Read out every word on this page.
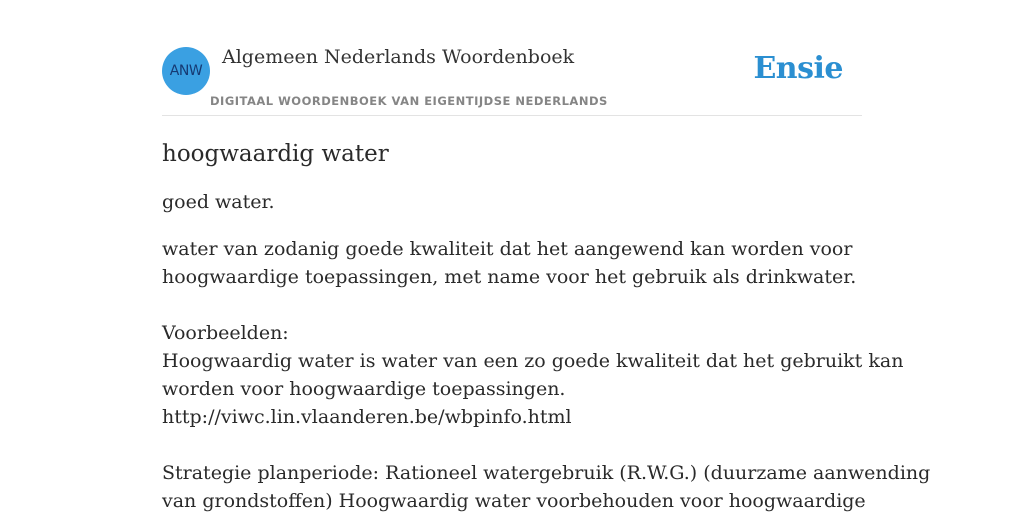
ANW
Algemeen Nederlands Woordenboek
DIGITAAL WOORDENBOEK VAN EIGENTIJDSE NEDERLANDS
Ensie
hoogwaardig water

goed water.

water van zodanig goede kwaliteit dat het aangewend kan worden voor
hoogwaardige toepassingen, met name voor het gebruik als drinkwater.
Voorbeelden:
Hoogwaardig water is water van een zo goede kwaliteit dat het gebruikt kan
worden voor hoogwaardige toepassingen.
http://viwc.lin.vlaanderen.be/wbpinfo.html
Strategie planperiode: Rationeel watergebruik (R.W.G.) (duurzame aanwending
van grondstoffen) Hoogwaardig water voorbehouden voor hoogwaardige
